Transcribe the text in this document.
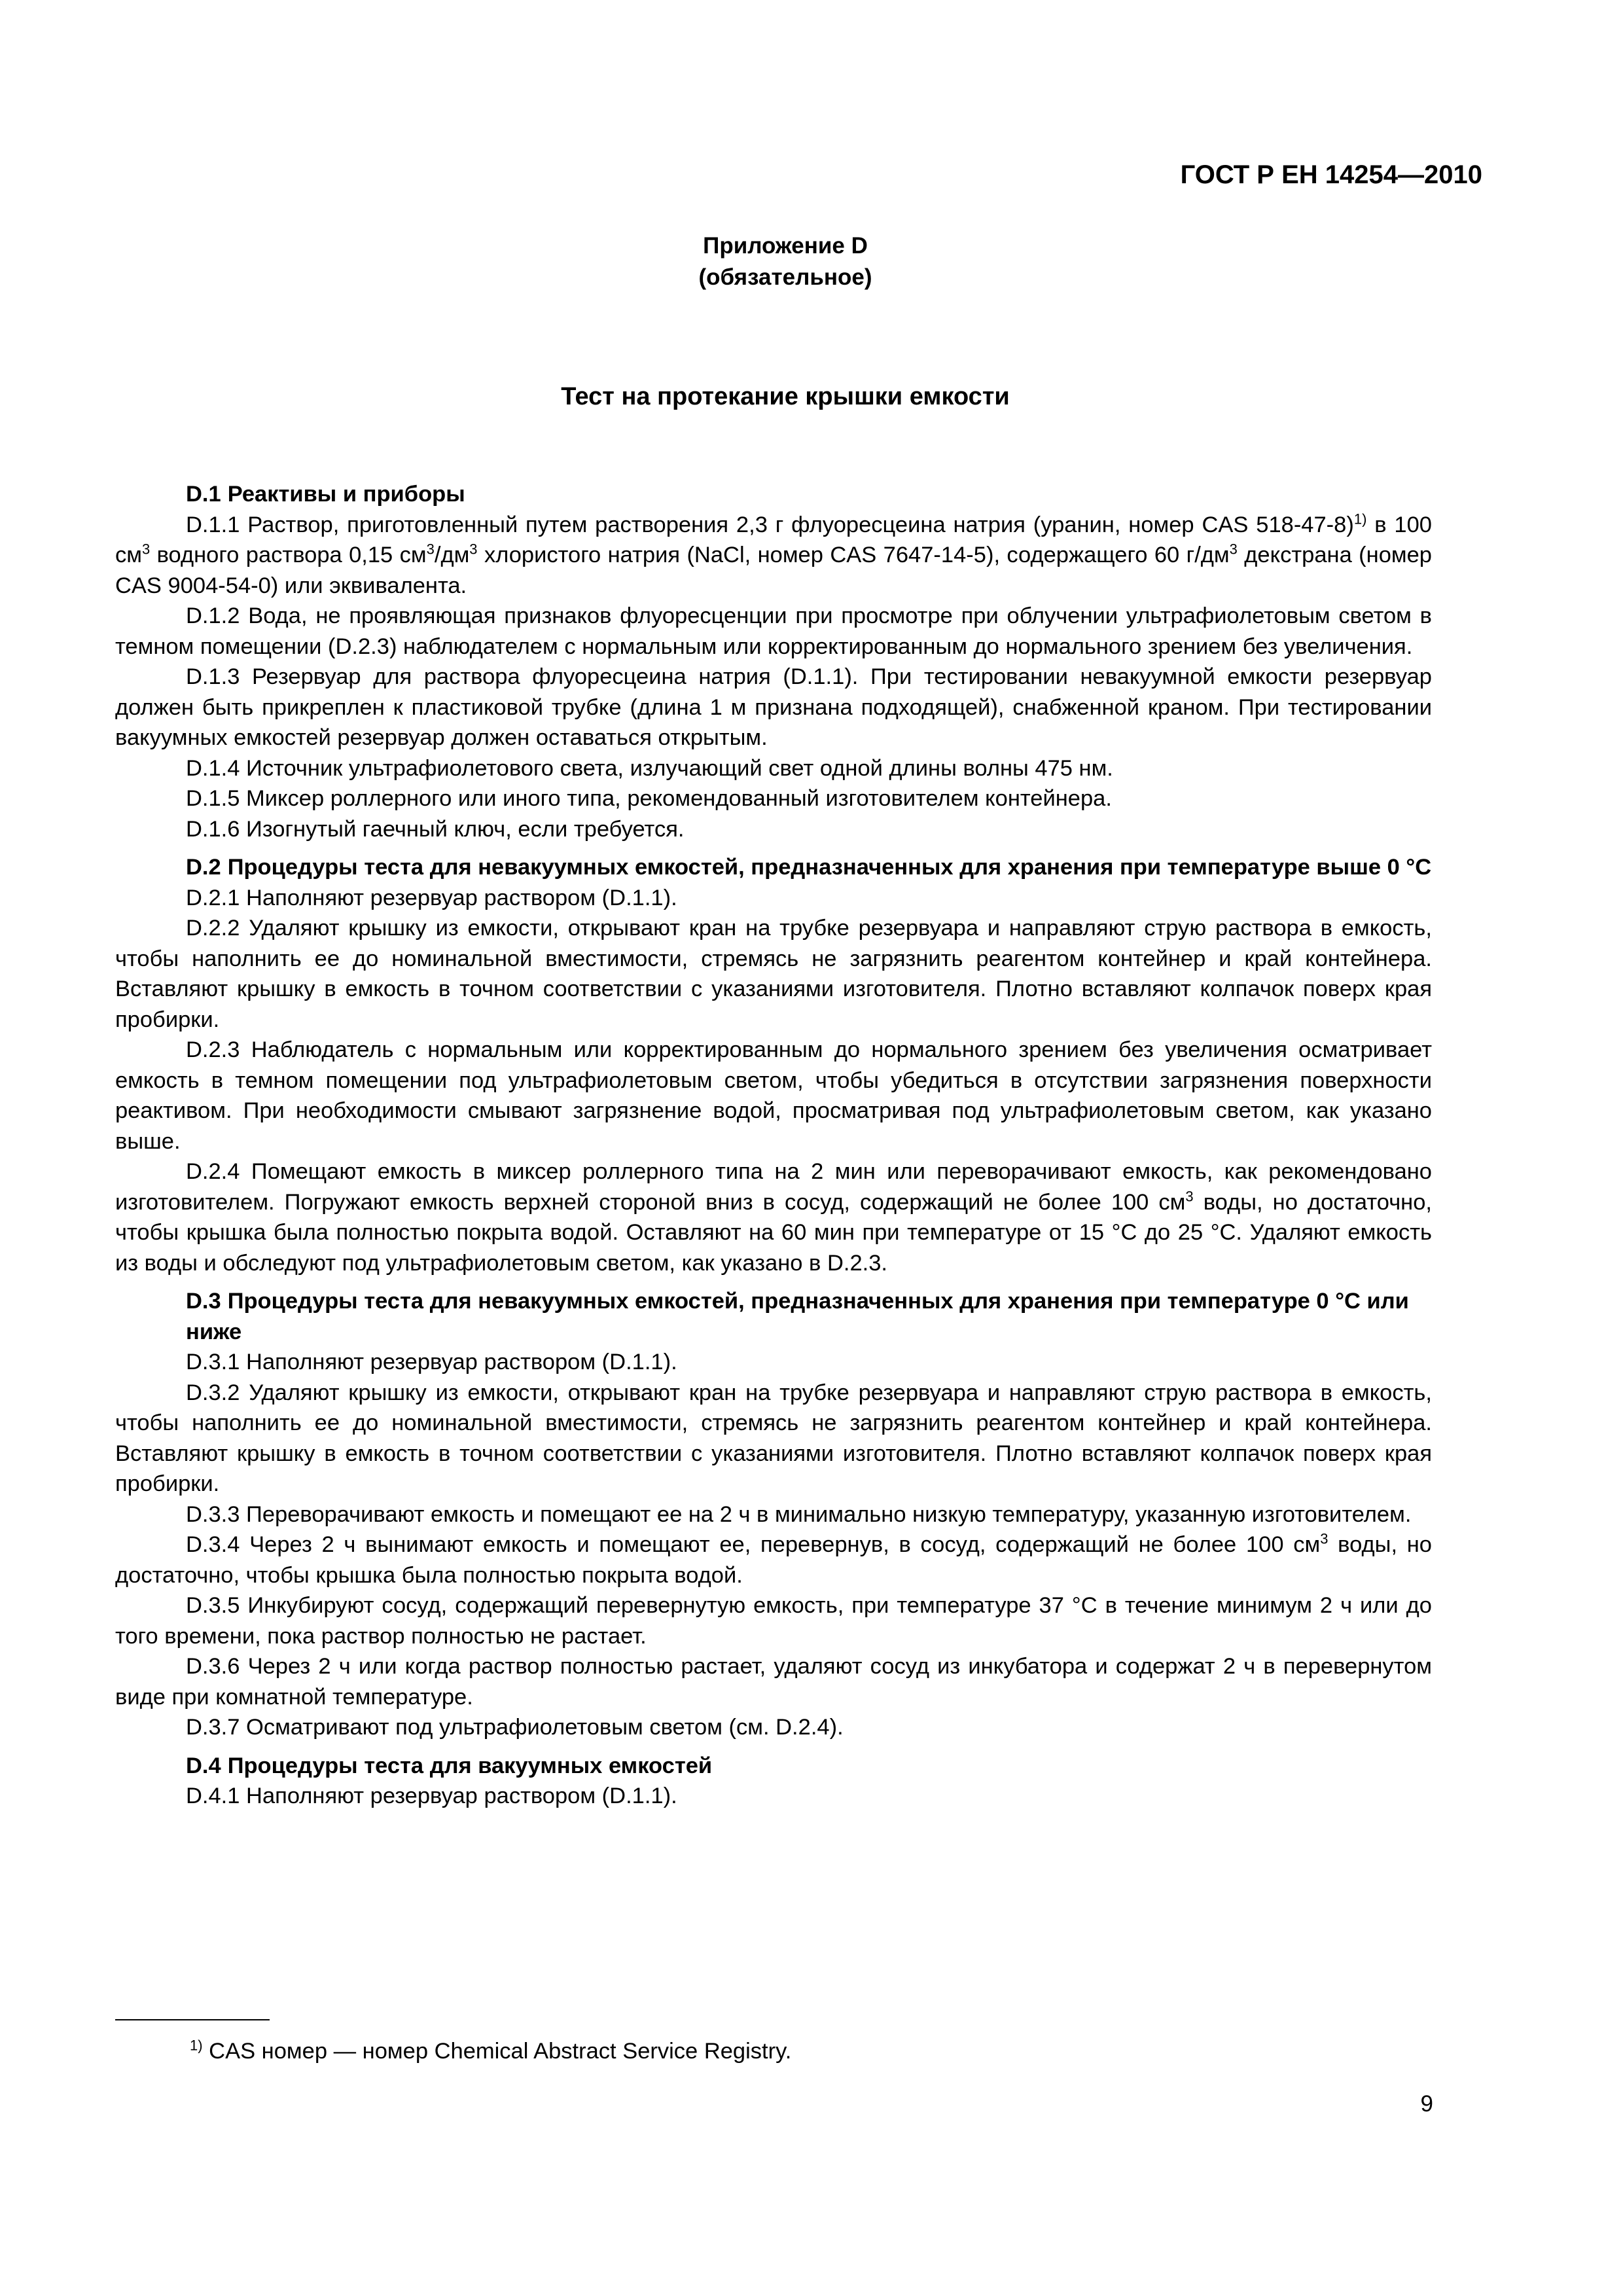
ГОСТ Р ЕН 14254—2010
Приложение D
(обязательное)
Тест на протекание крышки емкости
D.1 Реактивы и приборы

D.1.1 Раствор, приготовленный путем растворения 2,3 г флуоресцеина натрия (уранин, номер CAS 518-47-8)$^{1)}$ в 100 $см^3$ водного раствора 0,15 $см^3/дм^3$ хлористого натрия (NaCl, номер CAS 7647-14-5), содержащего 60 $г/дм^3$ декстрана (номер CAS 9004-54-0) или эквивалента.

D.1.2 Вода, не проявляющая признаков флуоресценции при просмотре при облучении ультрафиолетовым светом в темном помещении (D.2.3) наблюдателем с нормальным или корректированным до нормального зрением без увеличения.

D.1.3 Резервуар для раствора флуоресцеина натрия (D.1.1). При тестировании невакуумной емкости резервуар должен быть прикреплен к пластиковой трубке (длина 1 м признана подходящей), снабженной краном. При тестировании вакуумных емкостей резервуар должен оставаться открытым.

D.1.4 Источник ультрафиолетового света, излучающий свет одной длины волны 475 нм.

D.1.5 Миксер роллерного или иного типа, рекомендованный изготовителем контейнера.

D.1.6 Изогнутый гаечный ключ, если требуется.

D.2 Процедуры теста для невакуумных емкостей, предназначенных для хранения при температуре выше 0 °С

D.2.1 Наполняют резервуар раствором (D.1.1).

D.2.2 Удаляют крышку из емкости, открывают кран на трубке резервуара и направляют струю раствора в емкость, чтобы наполнить ее до номинальной вместимости, стремясь не загрязнить реагентом контейнер и край контейнера. Вставляют крышку в емкость в точном соответствии с указаниями изготовителя. Плотно вставляют колпачок поверх края пробирки.

D.2.3 Наблюдатель с нормальным или корректированным до нормального зрением без увеличения осматривает емкость в темном помещении под ультрафиолетовым светом, чтобы убедиться в отсутствии загрязнения поверхности реактивом. При необходимости смывают загрязнение водой, просматривая под ультрафиолетовым светом, как указано выше.

D.2.4 Помещают емкость в миксер роллерного типа на 2 мин или переворачивают емкость, как рекомендовано изготовителем. Погружают емкость верхней стороной вниз в сосуд, содержащий не более 100 $см^3$ воды, но достаточно, чтобы крышка была полностью покрыта водой. Оставляют на 60 мин при температуре от 15 °С до 25 °С. Удаляют емкость из воды и обследуют под ультрафиолетовым светом, как указано в D.2.3.

D.3 Процедуры теста для невакуумных емкостей, предназначенных для хранения при температуре 0 °С или ниже

D.3.1 Наполняют резервуар раствором (D.1.1).

D.3.2 Удаляют крышку из емкости, открывают кран на трубке резервуара и направляют струю раствора в емкость, чтобы наполнить ее до номинальной вместимости, стремясь не загрязнить реагентом контейнер и край контейнера. Вставляют крышку в емкость в точном соответствии с указаниями изготовителя. Плотно вставляют колпачок поверх края пробирки.

D.3.3 Переворачивают емкость и помещают ее на 2 ч в минимально низкую температуру, указанную изготовителем.

D.3.4 Через 2 ч вынимают емкость и помещают ее, перевернув, в сосуд, содержащий не более 100 $см^3$ воды, но достаточно, чтобы крышка была полностью покрыта водой.

D.3.5 Инкубируют сосуд, содержащий перевернутую емкость, при температуре 37 °С в течение минимум 2 ч или до того времени, пока раствор полностью не растает.

D.3.6 Через 2 ч или когда раствор полностью растает, удаляют сосуд из инкубатора и содержат 2 ч в перевернутом виде при комнатной температуре.

D.3.7 Осматривают под ультрафиолетовым светом (см. D.2.4).

D.4 Процедуры теста для вакуумных емкостей

D.4.1 Наполняют резервуар раствором (D.1.1).

$^{1)}$ CAS номер — номер Chemical Abstract Service Registry.
9
